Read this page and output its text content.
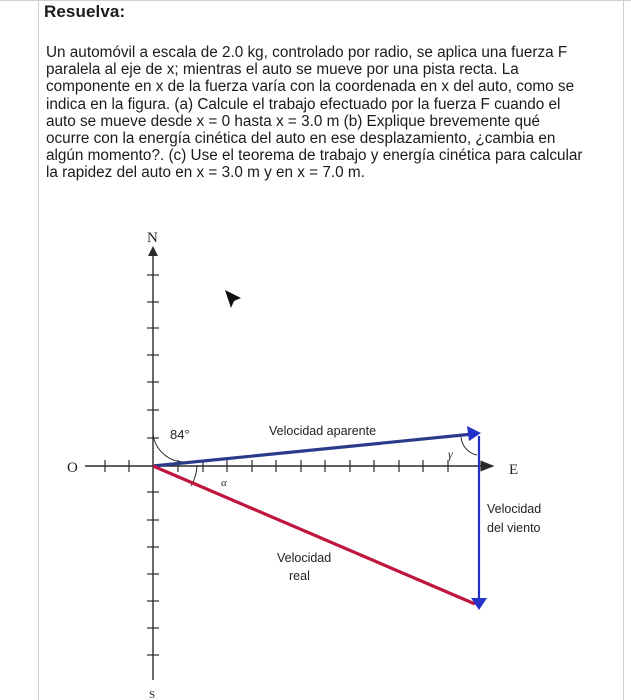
Resuelva:

Un automóvil a escala de 2.0 kg, controlado por radio, se aplica una fuerza F paralela al eje de x; mientras el auto se mueve por una pista recta. La componente en x de la fuerza varía con la coordenada en x del auto, como se indica en la figura. (a) Calcule el trabajo efectuado por la fuerza F cuando el auto se mueve desde x = 0 hasta x = 3.0 m (b) Explique brevemente qué ocurre con la energía cinética del auto en ese desplazamiento, ¿cambia en algún momento?. (c) Use el teorema de trabajo y energía cinética para calcular la rapidez del auto en x = 3.0 m y en x = 7.0 m.

N
O	E
S
84°
α
γ
Velocidad aparente
Velocidad
real
Velocidad
del viento
